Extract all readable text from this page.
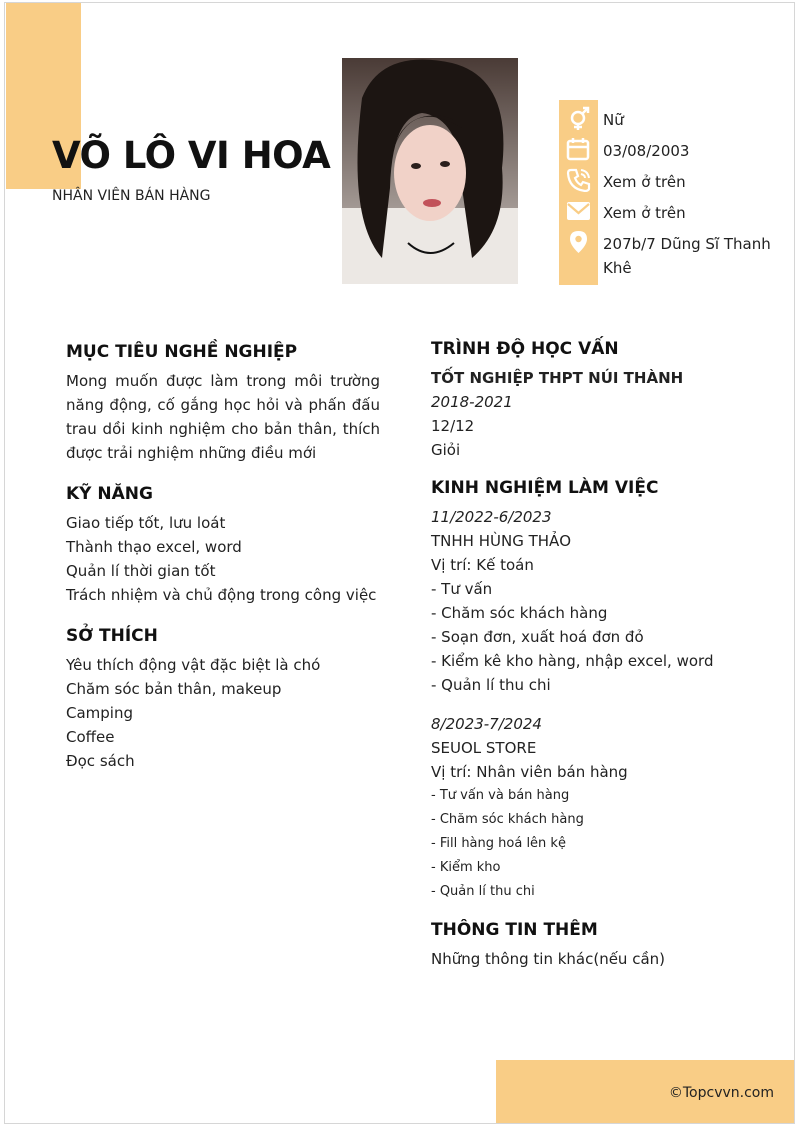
VÕ LÔ VI HOA
NHÂN VIÊN BÁN HÀNG
Nữ
03/08/2003
Xem ở trên
Xem ở trên
207b/7 Dũng Sĩ Thanh Khê
MỤC TIÊU NGHỀ NGHIỆP
Mong muốn được làm trong môi trường năng động, cố gắng học hỏi và phấn đấu trau dồi kinh nghiệm cho bản thân, thích được trải nghiệm những điều mới
KỸ NĂNG
Giao tiếp tốt, lưu loát
Thành thạo excel, word
Quản lí thời gian tốt
Trách nhiệm và chủ động trong công việc
SỞ THÍCH
Yêu thích động vật đặc biệt là chó
Chăm sóc bản thân, makeup
Camping
Coffee
Đọc sách
TRÌNH ĐỘ HỌC VẤN
TỐT NGHIỆP THPT NÚI THÀNH
2018-2021
12/12
Giỏi
KINH NGHIỆM LÀM VIỆC
11/2022-6/2023
TNHH HÙNG THẢO
Vị trí: Kế toán
- Tư vấn
- Chăm sóc khách hàng
- Soạn đơn, xuất hoá đơn đỏ
- Kiểm kê kho hàng, nhập excel, word
- Quản lí thu chi
8/2023-7/2024
SEUOL STORE
Vị trí: Nhân viên bán hàng
- Tư vấn và bán hàng
- Chăm sóc khách hàng
- Fill hàng hoá lên kệ
- Kiểm kho
- Quản lí thu chi
THÔNG TIN THÊM
Những thông tin khác(nếu cần)
©Topcvvn.com
